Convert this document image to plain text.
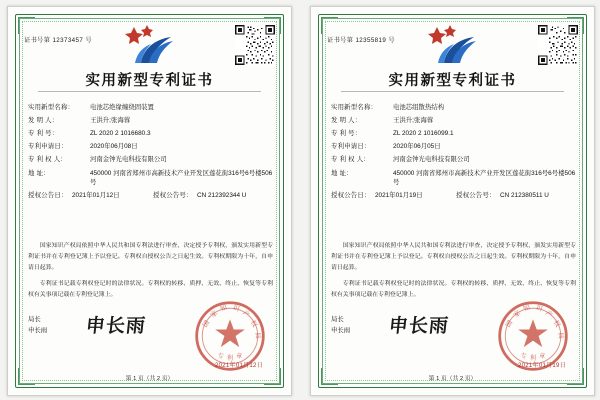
证书号第 12373457 号
实用新型专利证书
实用新型名称：	电池芯绝缘缠绕固装置
发 明 人：	王洪升;张海蓉
专 利 号：	ZL 2020 2 1016680.3
专利申请日：	2020年06月08日
专 利 权 人：	河南金钟光电科技有限公司
地 址：	450000 河南省郑州市高新技术产业开发区莲花街316号6号楼506号
授权公告日： 2021年01月12日	授权公告号： CN 212392344 U

国家知识产权局依照中华人民共和国专利法进行审查，决定授予专利权，颁发实用新型专利证书并在专利登记簿上予以登记。专利权自授权公告之日起生效。专利权期限为十年，自申请日起算。

专利证书记载专利权登记时的法律状况。专利权的转移、质押、无效、终止、恢复等专利权有关事项记载在专利登记簿上。

局长
申长雨 申长雨	国
家
知 识
产
权
局
专 利 章
2021年01月12日
第 1 页（共 2 页）
证书号第 12355819 号
实用新型专利证书
实用新型名称：	电池芯组散热结构
发 明 人：	王洪升;张海蓉
专 利 号：	ZL 2020 2 1016099.1
专利申请日：	2020年06月05日
专 利 权 人：	河南金钟光电科技有限公司
地 址：	450000 河南省郑州市高新技术产业开发区莲花街316号6号楼506号
授权公告日： 2021年01月19日	授权公告号： CN 212380511 U

国家知识产权局依照中华人民共和国专利法进行审查，决定授予专利权，颁发实用新型专利证书并在专利登记簿上予以登记。专利权自授权公告之日起生效。专利权期限为十年，自申请日起算。

专利证书记载专利权登记时的法律状况。专利权的转移、质押、无效、终止、恢复等专利权有关事项记载在专利登记簿上。

局长
申长雨 申长雨	国
家
知 识
产
权
局
专 利 章
2021年01月19日
第 1 页（共 2 页）
